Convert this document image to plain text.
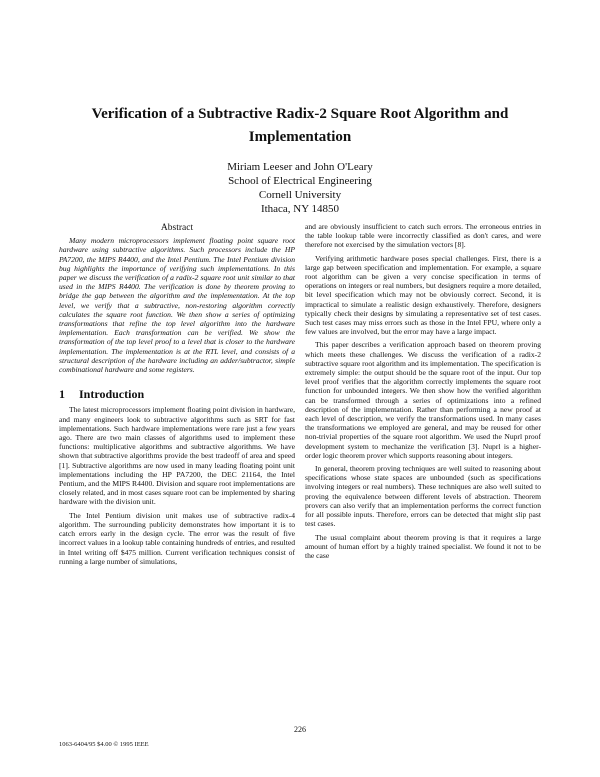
Verification of a Subtractive Radix-2 Square Root Algorithm and Implementation
Miriam Leeser and John O'Leary
School of Electrical Engineering
Cornell University
Ithaca, NY 14850
Abstract

Many modern microprocessors implement floating point square root hardware using subtractive algorithms. Such processors include the HP PA7200, the MIPS R4400, and the Intel Pentium. The Intel Pentium division bug highlights the importance of verifying such implementations. In this paper we discuss the verification of a radix-2 square root unit similar to that used in the MIPS R4400. The verification is done by theorem proving to bridge the gap between the algorithm and the implementation. At the top level, we verify that a subtractive, non-restoring algorithm correctly calculates the square root function. We then show a series of optimizing transformations that refine the top level algorithm into the hardware implementation. Each transformation can be verified. We show the transformation of the top level proof to a level that is closer to the hardware implementation. The implementation is at the RTL level, and consists of a structural description of the hardware including an adder/subtractor, simple combinational hardware and some registers.

1 Introduction

The latest microprocessors implement floating point division in hardware, and many engineers look to subtractive algorithms such as SRT for fast implementations. Such hardware implementations were rare just a few years ago. There are two main classes of algorithms used to implement these functions: multiplicative algorithms and subtractive algorithms. We have shown that subtractive algorithms provide the best tradeoff of area and speed [1]. Subtractive algorithms are now used in many leading floating point unit implementations including the HP PA7200, the DEC 21164, the Intel Pentium, and the MIPS R4400. Division and square root implementations are closely related, and in most cases square root can be implemented by sharing hardware with the division unit.

The Intel Pentium division unit makes use of subtractive radix-4 algorithm. The surrounding publicity demonstrates how important it is to catch errors early in the design cycle. The error was the result of five incorrect values in a lookup table containing hundreds of entries, and resulted in Intel writing off $475 million. Current verification techniques consist of running a large number of simulations,

and are obviously insufficient to catch such errors. The erroneous entries in the table lookup table were incorrectly classified as don't cares, and were therefore not exercised by the simulation vectors [8].

Verifying arithmetic hardware poses special challenges. First, there is a large gap between specification and implementation. For example, a square root algorithm can be given a very concise specification in terms of operations on integers or real numbers, but designers require a more detailed, bit level specification which may not be obviously correct. Second, it is impractical to simulate a realistic design exhaustively. Therefore, designers typically check their designs by simulating a representative set of test cases. Such test cases may miss errors such as those in the Intel FPU, where only a few values are involved, but the error may have a large impact.

This paper describes a verification approach based on theorem proving which meets these challenges. We discuss the verification of a radix-2 subtractive square root algorithm and its implementation. The specification is extremely simple: the output should be the square root of the input. Our top level proof verifies that the algorithm correctly implements the square root function for unbounded integers. We then show how the verified algorithm can be transformed through a series of optimizations into a refined description of the implementation. Rather than performing a new proof at each level of description, we verify the transformations used. In many cases the transformations we employed are general, and may be reused for other non-trivial properties of the square root algorithm. We used the Nuprl proof development system to mechanize the verification [3]. Nuprl is a higher-order logic theorem prover which supports reasoning about integers.

In general, theorem proving techniques are well suited to reasoning about specifications whose state spaces are unbounded (such as specifications involving integers or real numbers). These techniques are also well suited to proving the equivalence between different levels of abstraction. Theorem provers can also verify that an implementation performs the correct function for all possible inputs. Therefore, errors can be detected that might slip past test cases.

The usual complaint about theorem proving is that it requires a large amount of human effort by a highly trained specialist. We found it not to be the case

226
1063-6404/95 $4.00 © 1995 IEEE
